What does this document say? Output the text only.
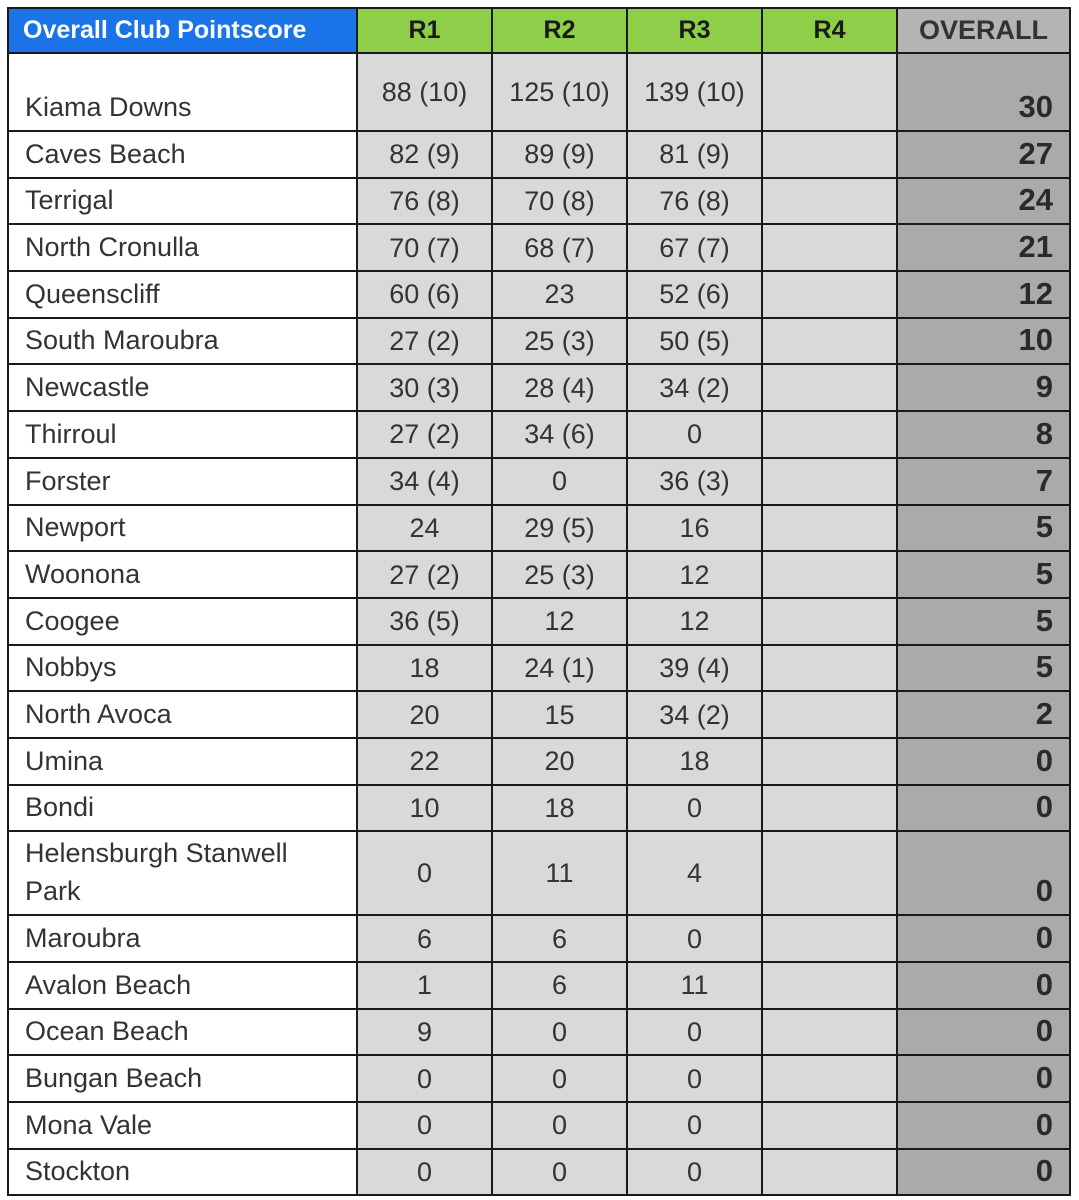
Overall Club Pointscore	R1	R2	R3	R4	OVERALL
Kiama Downs	88 (10)	125 (10)	139 (10)		30
Caves Beach	82 (9)	89 (9)	81 (9)		27
Terrigal	76 (8)	70 (8)	76 (8)		24
North Cronulla	70 (7)	68 (7)	67 (7)		21
Queenscliff	60 (6)	23	52 (6)		12
South Maroubra	27 (2)	25 (3)	50 (5)		10
Newcastle	30 (3)	28 (4)	34 (2)		9
Thirroul	27 (2)	34 (6)	0		8
Forster	34 (4)	0	36 (3)		7
Newport	24	29 (5)	16		5
Woonona	27 (2)	25 (3)	12		5
Coogee	36 (5)	12	12		5
Nobbys	18	24 (1)	39 (4)		5
North Avoca	20	15	34 (2)		2
Umina	22	20	18		0
Bondi	10	18	0		0
Helensburgh Stanwell Park	0	11	4		0
Maroubra	6	6	0		0
Avalon Beach	1	6	11		0
Ocean Beach	9	0	0		0
Bungan Beach	0	0	0		0
Mona Vale	0	0	0		0
Stockton	0	0	0		0
